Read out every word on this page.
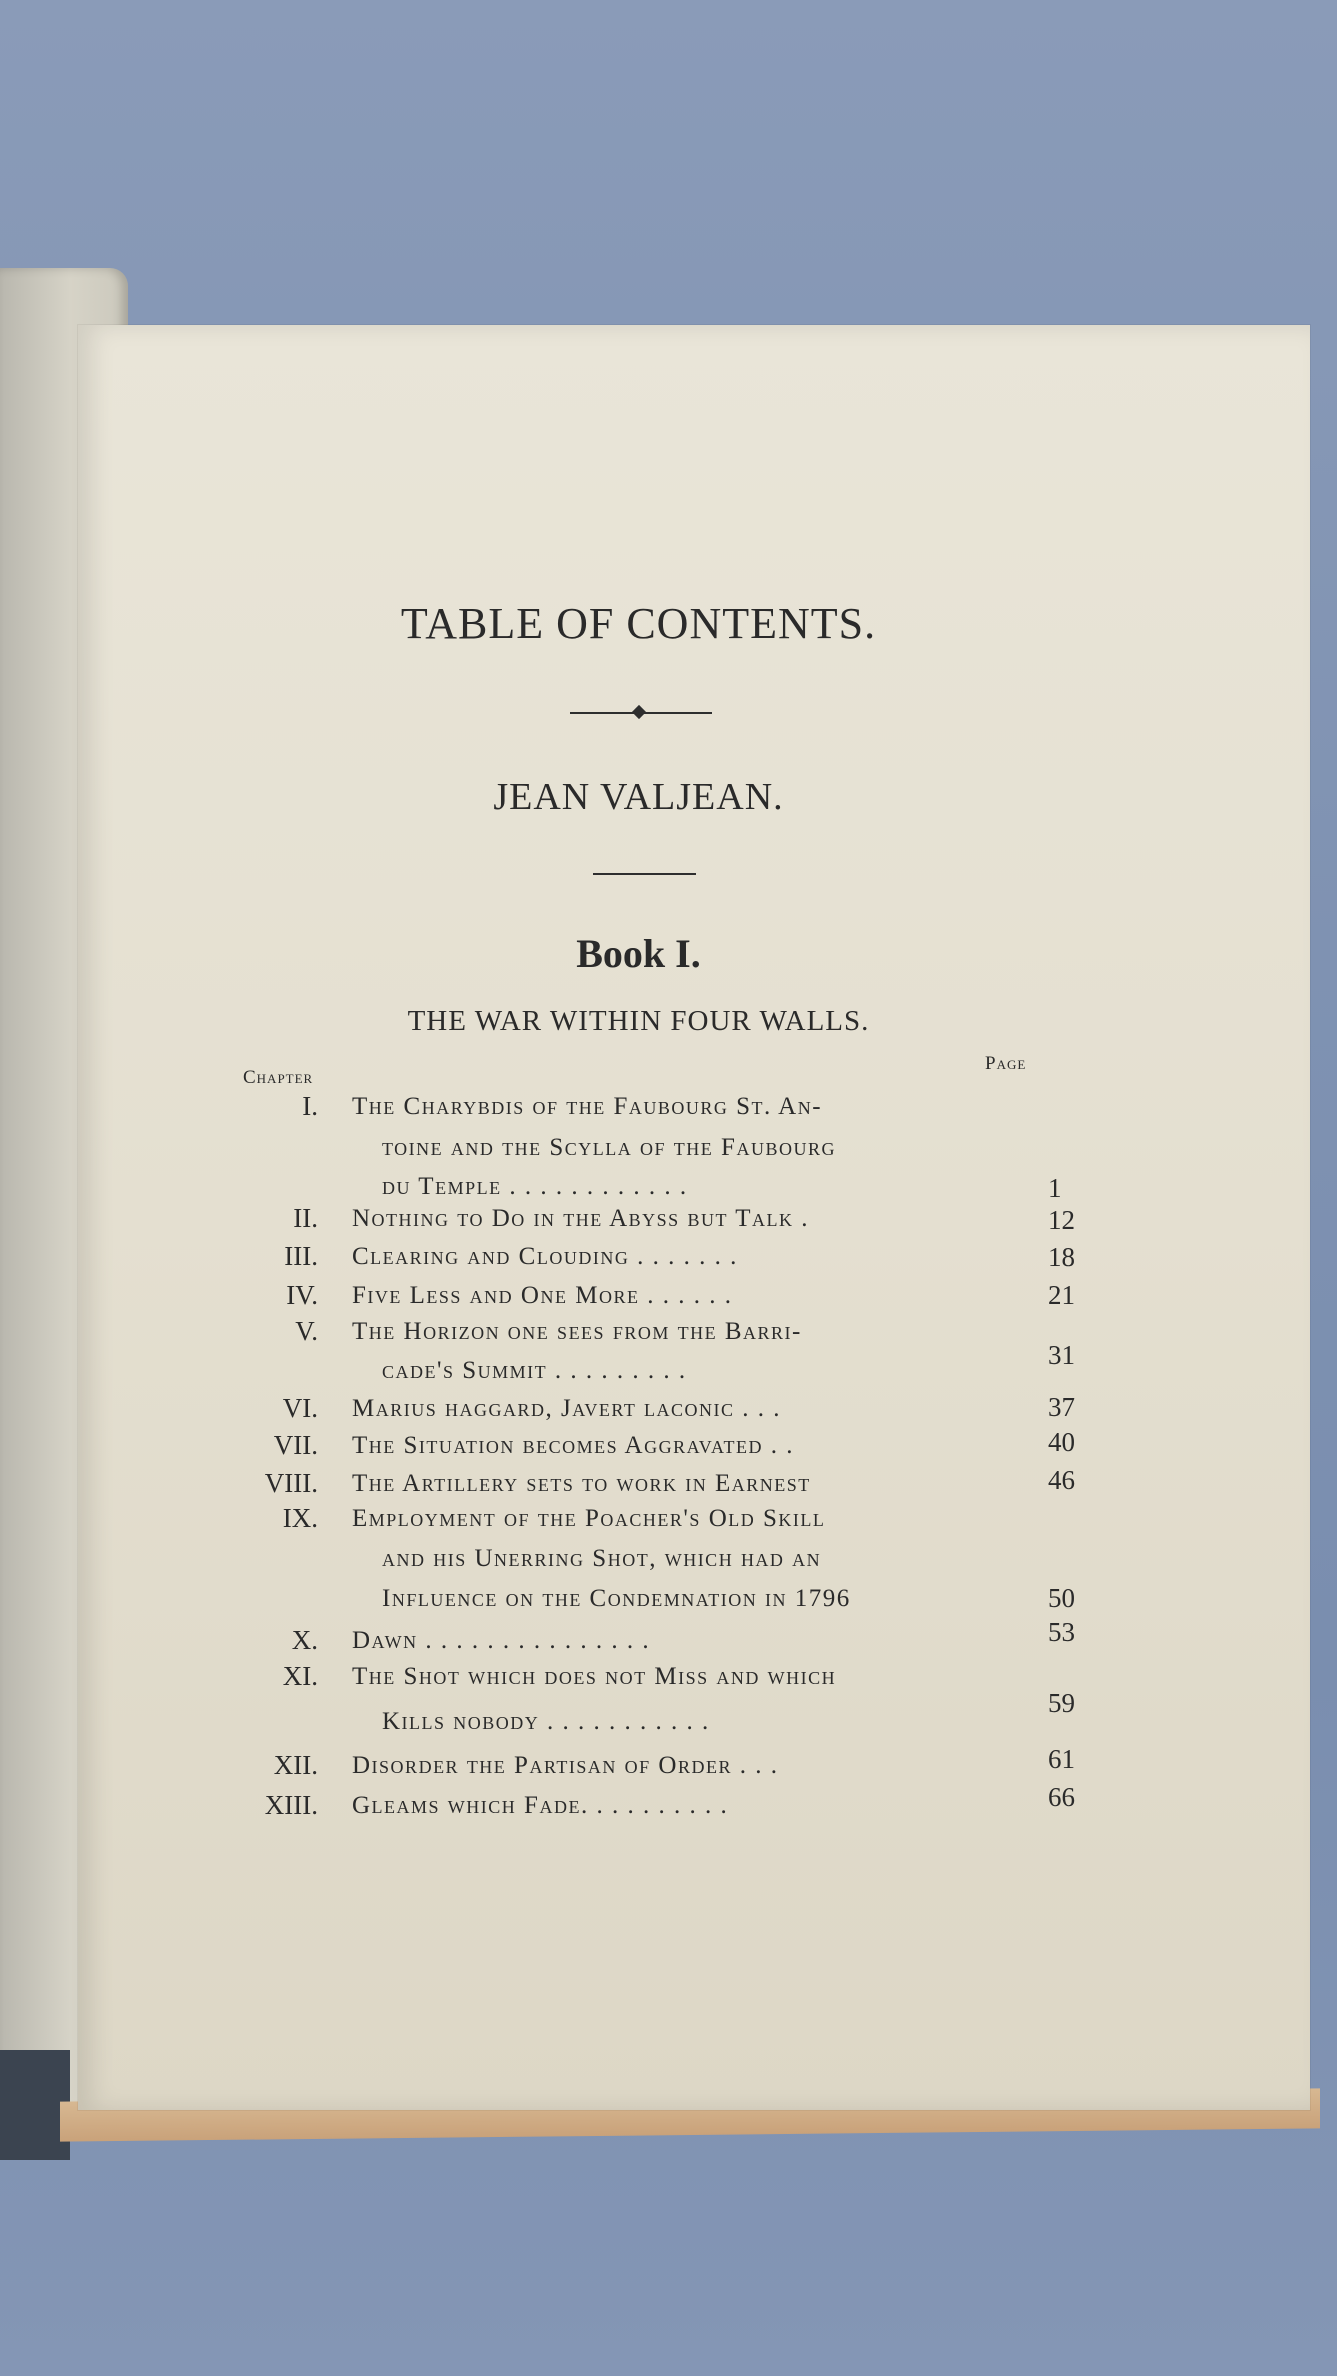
TABLE OF CONTENTS.
JEAN VALJEAN.
Book I.
THE WAR WITHIN FOUR WALLS.
Chapter
Page
I. The Charybdis of the Faubourg St. An-
toine and the Scylla of the Faubourg
du Temple . . . . . . . . . . . .	1
II. Nothing to Do in the Abyss but Talk .	12
III. Clearing and Clouding . . . . . . .	18
IV. Five Less and One More . . . . . .	21
V. The Horizon one sees from the Barri-
cade's Summit . . . . . . . . .
31
VI. Marius haggard, Javert laconic . . .	37
VII. The Situation becomes Aggravated . .	40
VIII. The Artillery sets to work in Earnest	46
IX. Employment of the Poacher's Old Skill
and his Unerring Shot, which had an
Influence on the Condemnation in 1796	50
X. Dawn . . . . . . . . . . . . . . .	53
XI. The Shot which does not Miss and which
Kills nobody . . . . . . . . . . .
59
XII. Disorder the Partisan of Order . . .	61
XIII. Gleams which Fade. . . . . . . . . .	66
